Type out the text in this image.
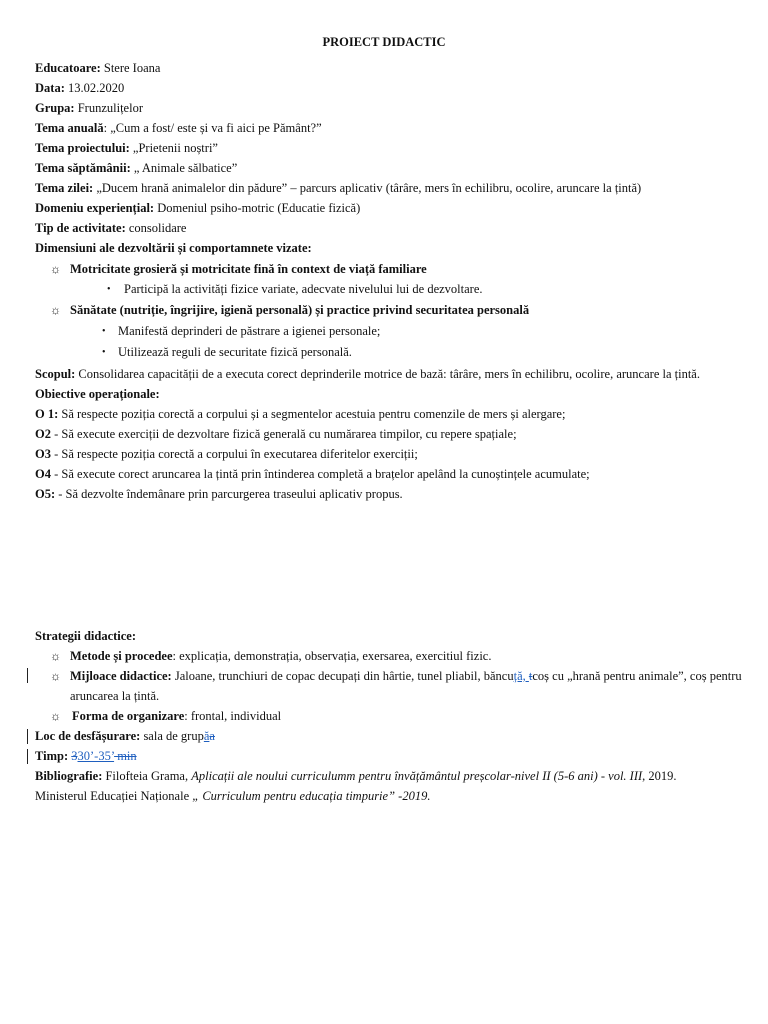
PROIECT DIDACTIC
Educatoare: Stere Ioana
Data: 13.02.2020
Grupa: Frunzulițelor
Tema anuală: „Cum a fost/ este și va fi aici pe Pământ?”
Tema proiectului: „Prietenii noștri”
Tema săptămânii: „ Animale sălbatice”
Tema zilei: „Ducem hrană animalelor din pădure” – parcurs aplicativ (târâre, mers în echilibru, ocolire, aruncare la țintă)
Domeniu experiențial: Domeniul psiho-motric (Educatie fizică)
Tip de activitate: consolidare
Dimensiuni ale dezvoltării și comportamnete vizate:
☼ Motricitate grosieră și motricitate fină în context de viață familiare
• Participă la activități fizice variate, adecvate nivelului lui de dezvoltare.
☼ Sănătate (nutriție, îngrijire, igienă personală) și practice privind securitatea personală
• Manifestă deprinderi de păstrare a igienei personale;
• Utilizează reguli de securitate fizică personală.
Scopul: Consolidarea capacității de a executa corect deprinderile motrice de bază: târâre, mers în echilibru, ocolire, aruncare la țintă.
Obiective operaționale:
O 1: Să respecte poziția corectă a corpului și a segmentelor acestuia pentru comenzile de mers și alergare;
O2 - Să execute exerciții de dezvoltare fizică generală cu numărarea timpilor, cu repere spațiale;
O3 - Să respecte poziția corectă a corpului în executarea diferitelor exerciții;
O4 - Să execute corect aruncarea la țintă prin întinderea completă a brațelor apelând la cunoștințele acumulate;
O5: - Să dezvolte îndemânare prin parcurgerea traseului aplicativ propus.
Strategii didactice:
☼ Metode și procedee: explicația, demonstrația, observația, exersarea, exercitiul fizic.
☼ Mijloace didactice: Jaloane, trunchiuri de copac decupați din hârtie, tunel pliabil, băncuță, tcoș cu „hrană pentru animale”, coș pentru
aruncarea la țintă.
☼ Forma de organizare: frontal, individual
Loc de desfășurare: sala de grupăa
Timp: 330’-35’ min
Bibliografie: Filofteia Grama, Aplicații ale noului curriculumm pentru învățământul preșcolar-nivel II (5-6 ani) - vol. III, 2019.
Ministerul Educației Naționale „ Curriculum pentru educația timpurie” -2019.
